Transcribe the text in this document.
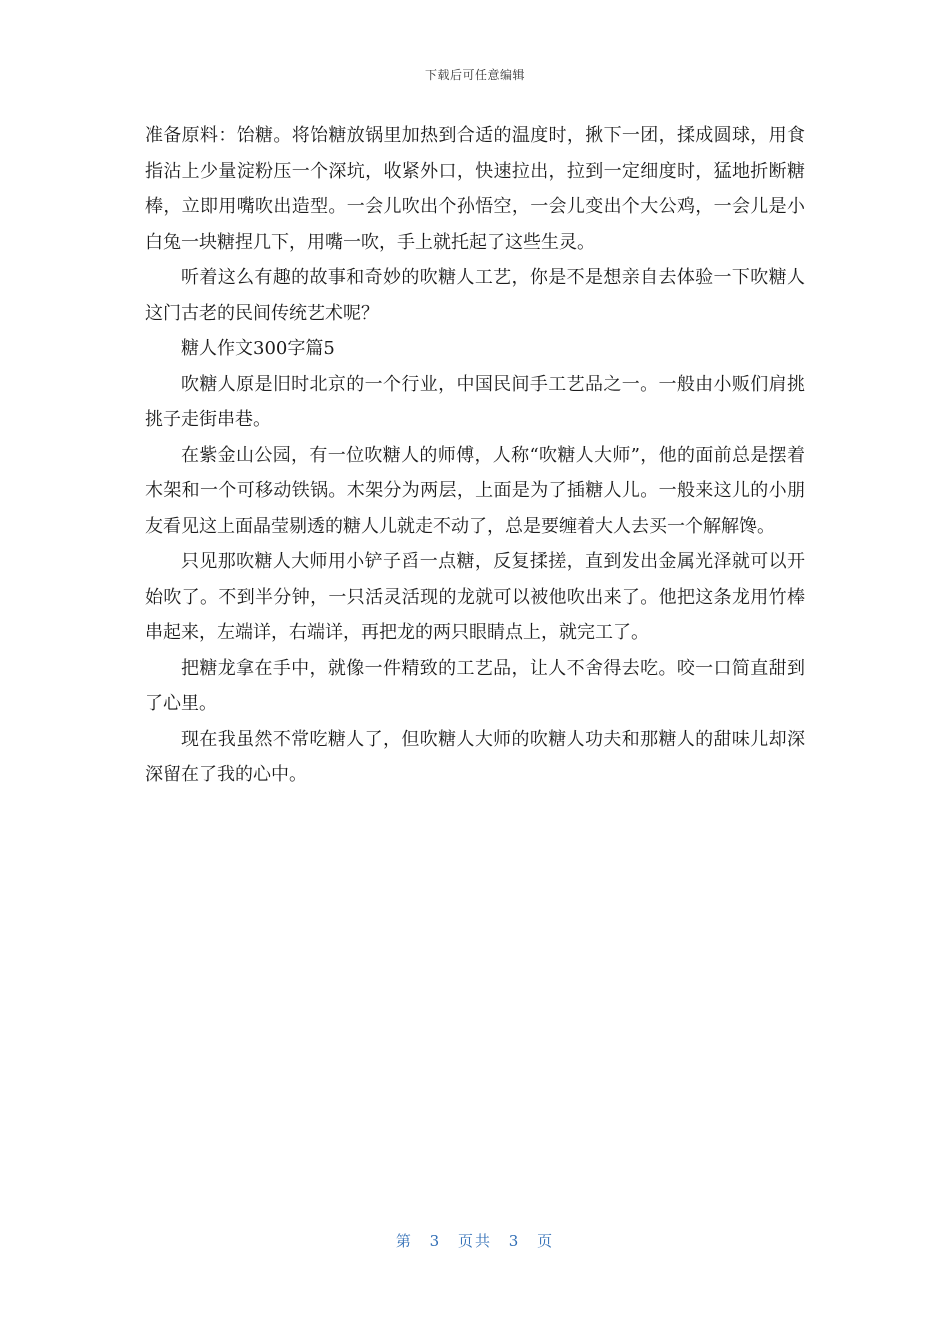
下载后可任意编辑

准备原料：饴糖。将饴糖放锅里加热到合适的温度时，揪下一团，揉成圆球，用食指沾上少量淀粉压一个深坑，收紧外口，快速拉出，拉到一定细度时，猛地折断糖棒，立即用嘴吹出造型。一会儿吹出个孙悟空，一会儿变出个大公鸡，一会儿是小白兔一块糖捏几下，用嘴一吹，手上就托起了这些生灵。

听着这么有趣的故事和奇妙的吹糖人工艺，你是不是想亲自去体验一下吹糖人这门古老的民间传统艺术呢？

糖人作文300字篇5

吹糖人原是旧时北京的一个行业，中国民间手工艺品之一。一般由小贩们肩挑挑子走街串巷。

在紫金山公园，有一位吹糖人的师傅，人称“吹糖人大师”，他的面前总是摆着木架和一个可移动铁锅。木架分为两层，上面是为了插糖人儿。一般来这儿的小朋友看见这上面晶莹剔透的糖人儿就走不动了，总是要缠着大人去买一个解解馋。

只见那吹糖人大师用小铲子舀一点糖，反复揉搓，直到发出金属光泽就可以开始吹了。不到半分钟，一只活灵活现的龙就可以被他吹出来了。他把这条龙用竹棒串起来，左端详，右端详，再把龙的两只眼睛点上，就完工了。

把糖龙拿在手中，就像一件精致的工艺品，让人不舍得去吃。咬一口简直甜到了心里。

现在我虽然不常吃糖人了，但吹糖人大师的吹糖人功夫和那糖人的甜味儿却深深留在了我的心中。

第 3 页共 3 页
